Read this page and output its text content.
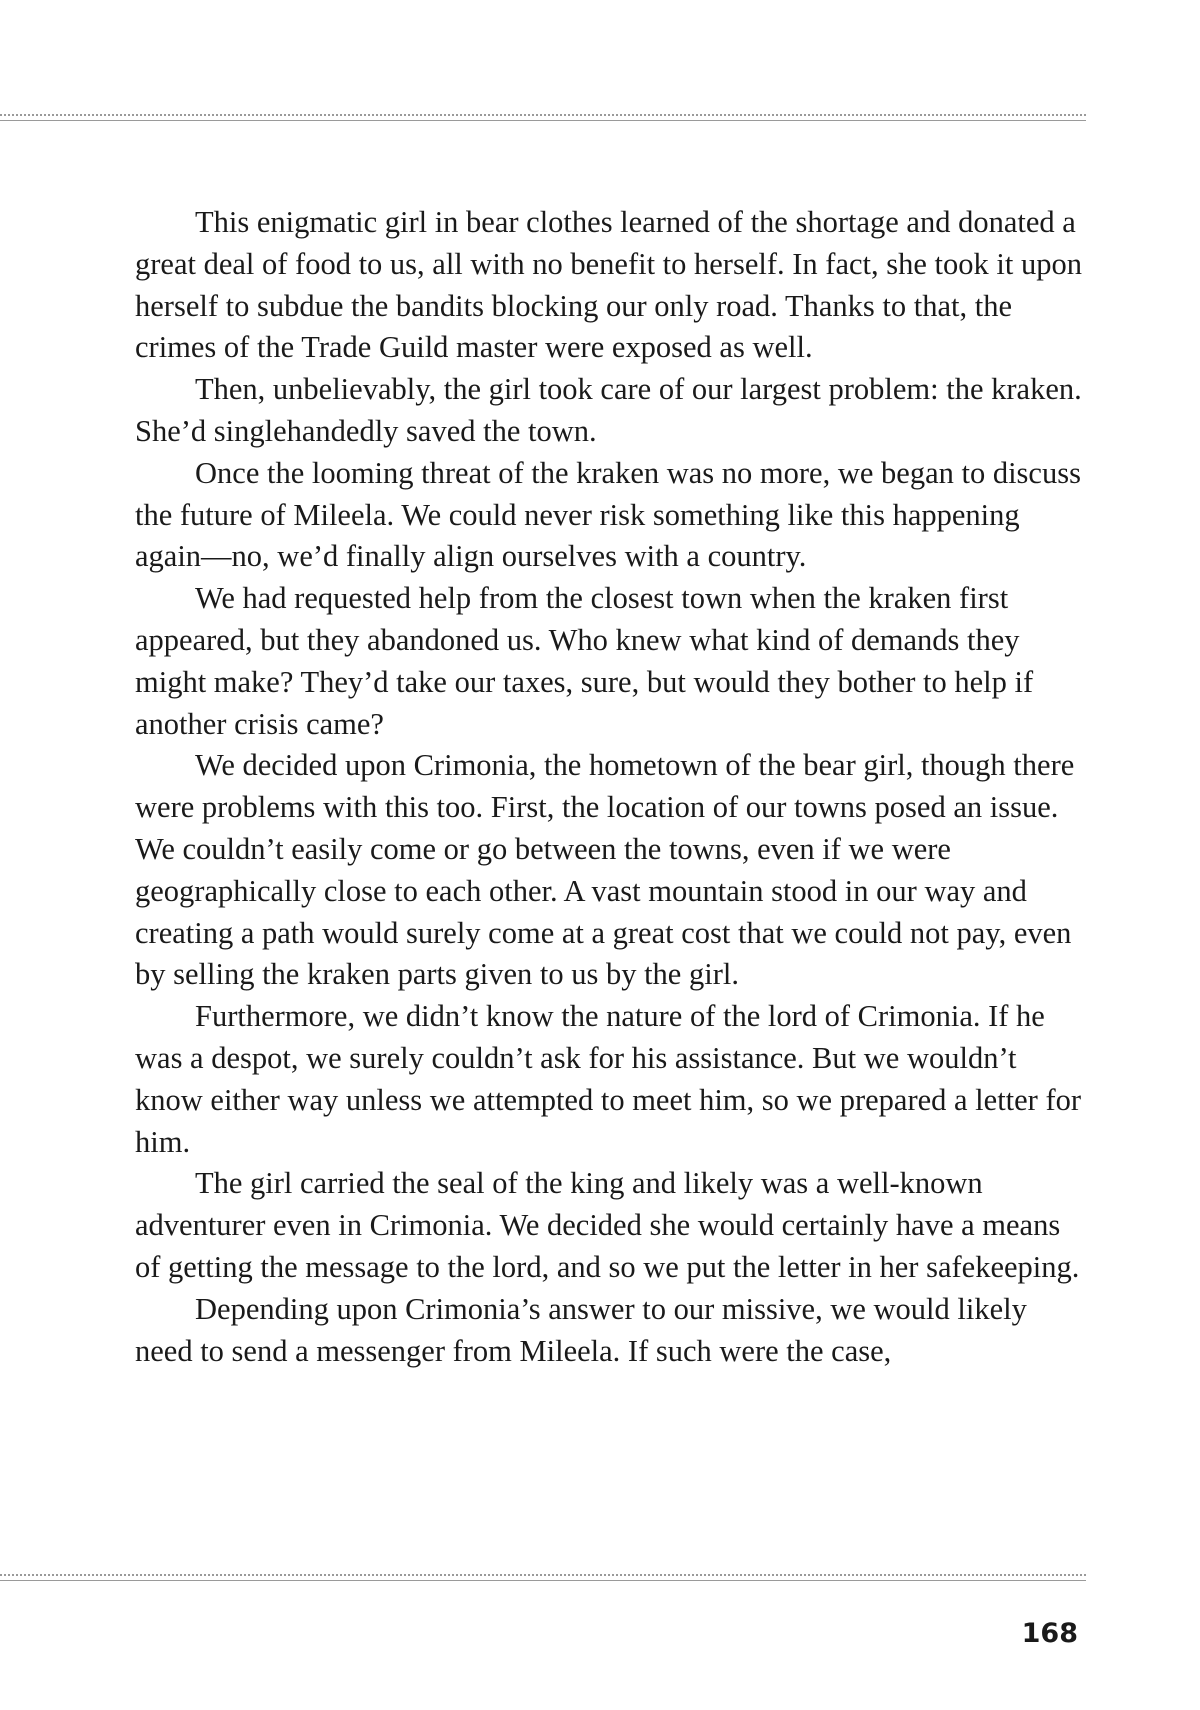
This enigmatic girl in bear clothes learned of the shortage and donated a great deal of food to us, all with no benefit to herself. In fact, she took it upon herself to subdue the bandits blocking our only road. Thanks to that, the crimes of the Trade Guild master were exposed as well.

Then, unbelievably, the girl took care of our largest problem: the kraken. She’d singlehandedly saved the town.

Once the looming threat of the kraken was no more, we began to discuss the future of Mileela. We could never risk something like this happening again—no, we’d finally align ourselves with a country.

We had requested help from the closest town when the kraken first appeared, but they abandoned us. Who knew what kind of demands they might make? They’d take our taxes, sure, but would they bother to help if another crisis came?

We decided upon Crimonia, the hometown of the bear girl, though there were problems with this too. First, the location of our towns posed an issue. We couldn’t easily come or go between the towns, even if we were geographically close to each other. A vast mountain stood in our way and creating a path would surely come at a great cost that we could not pay, even by selling the kraken parts given to us by the girl.

Furthermore, we didn’t know the nature of the lord of Crimonia. If he was a despot, we surely couldn’t ask for his assistance. But we wouldn’t know either way unless we attempted to meet him, so we prepared a letter for him.

The girl carried the seal of the king and likely was a well-known adventurer even in Crimonia. We decided she would certainly have a means of getting the message to the lord, and so we put the letter in her safekeeping.

Depending upon Crimonia’s answer to our missive, we would likely need to send a messenger from Mileela. If such were the case,

168
